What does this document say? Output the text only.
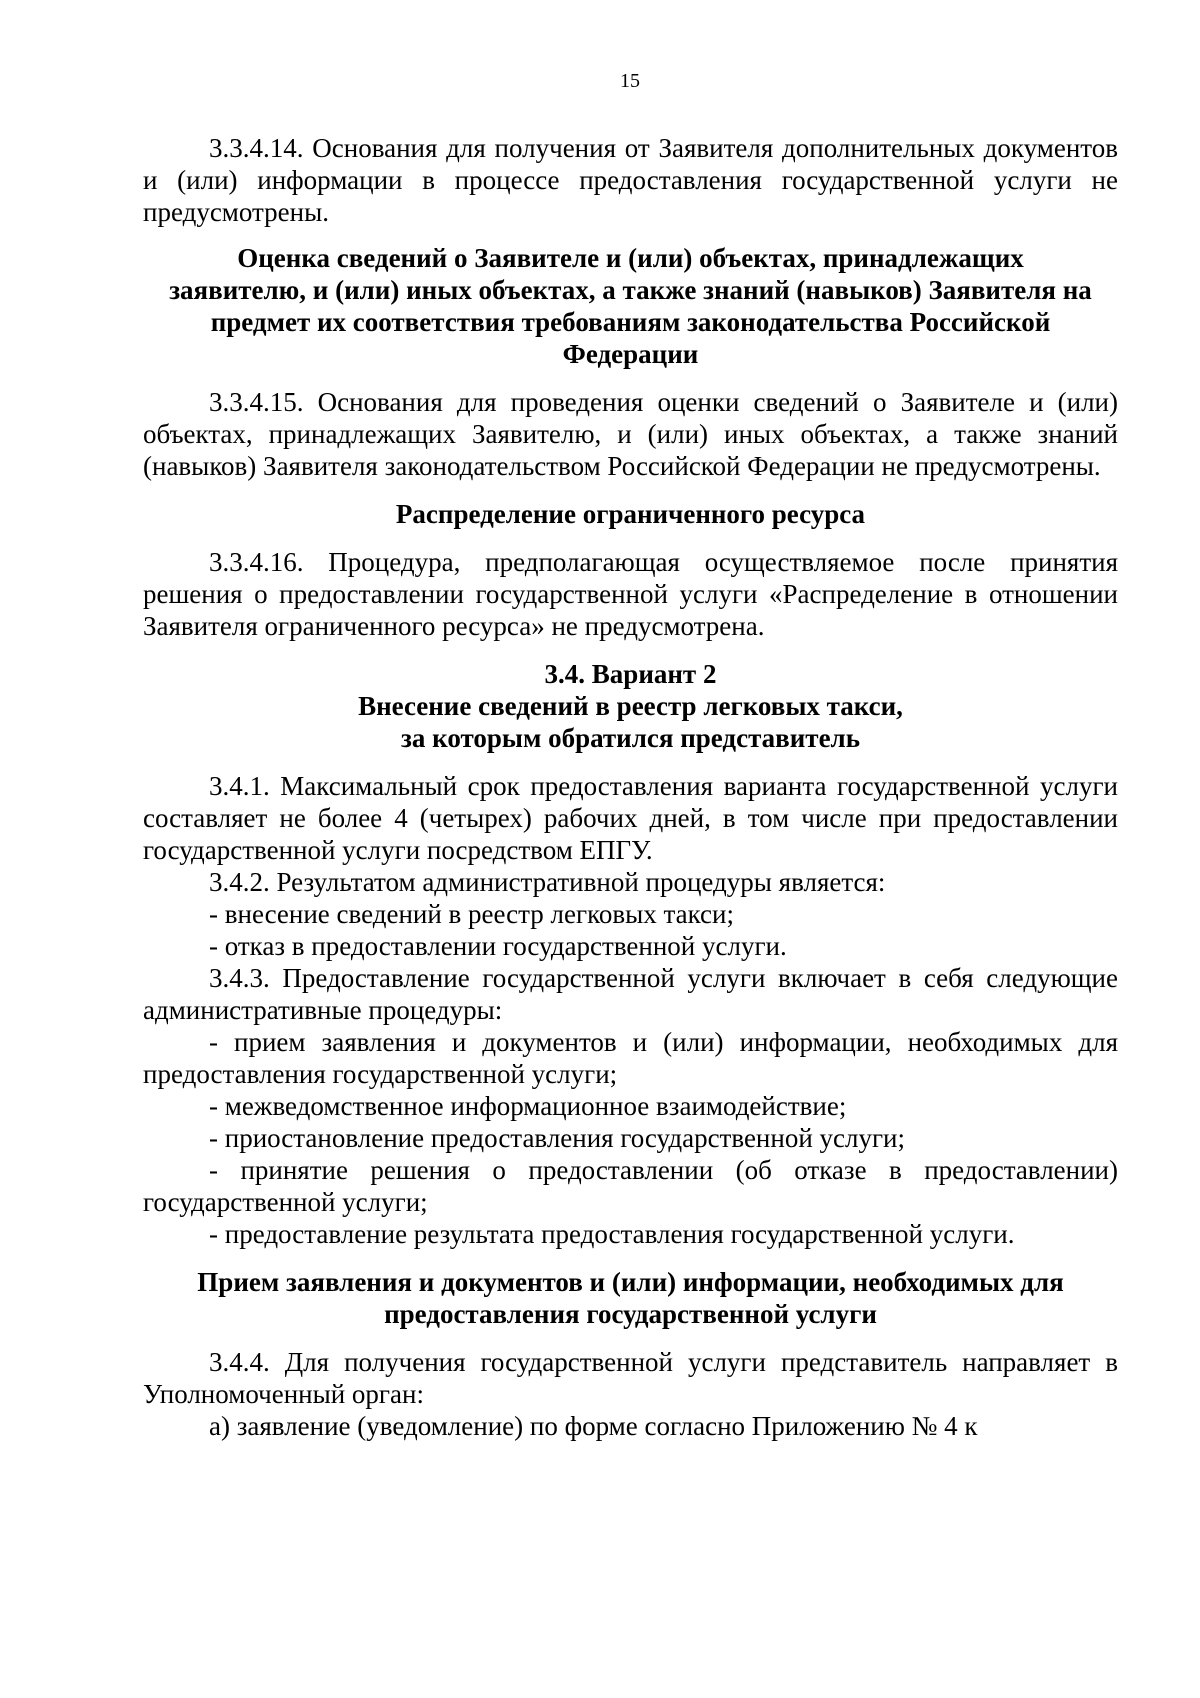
15

3.3.4.14. Основания для получения от Заявителя дополнительных документов и (или) информации в процессе предоставления государственной услуги не предусмотрены.

Оценка сведений о Заявителе и (или) объектах, принадлежащих
заявителю, и (или) иных объектах, а также знаний (навыков) Заявителя на
предмет их соответствия требованиям законодательства Российской
Федерации

3.3.4.15. Основания для проведения оценки сведений о Заявителе и (или) объектах, принадлежащих Заявителю, и (или) иных объектах, а также знаний (навыков) Заявителя законодательством Российской Федерации не предусмотрены.

Распределение ограниченного ресурса

3.3.4.16. Процедура, предполагающая осуществляемое после принятия решения о предоставлении государственной услуги «Распределение в отношении Заявителя ограниченного ресурса» не предусмотрена.

3.4. Вариант 2
Внесение сведений в реестр легковых такси,
за которым обратился представитель

3.4.1. Максимальный срок предоставления варианта государственной услуги составляет не более 4 (четырех) рабочих дней, в том числе при предоставлении государственной услуги посредством ЕПГУ.

3.4.2. Результатом административной процедуры является:

- внесение сведений в реестр легковых такси;

- отказ в предоставлении государственной услуги.

3.4.3. Предоставление государственной услуги включает в себя следующие административные процедуры:

- прием заявления и документов и (или) информации, необходимых для предоставления государственной услуги;

- межведомственное информационное взаимодействие;

- приостановление предоставления государственной услуги;

- принятие решения о предоставлении (об отказе в предоставлении) государственной услуги;

- предоставление результата предоставления государственной услуги.

Прием заявления и документов и (или) информации, необходимых для
предоставления государственной услуги

3.4.4. Для получения государственной услуги представитель направляет в Уполномоченный орган:

а) заявление (уведомление) по форме согласно Приложению № 4 к
